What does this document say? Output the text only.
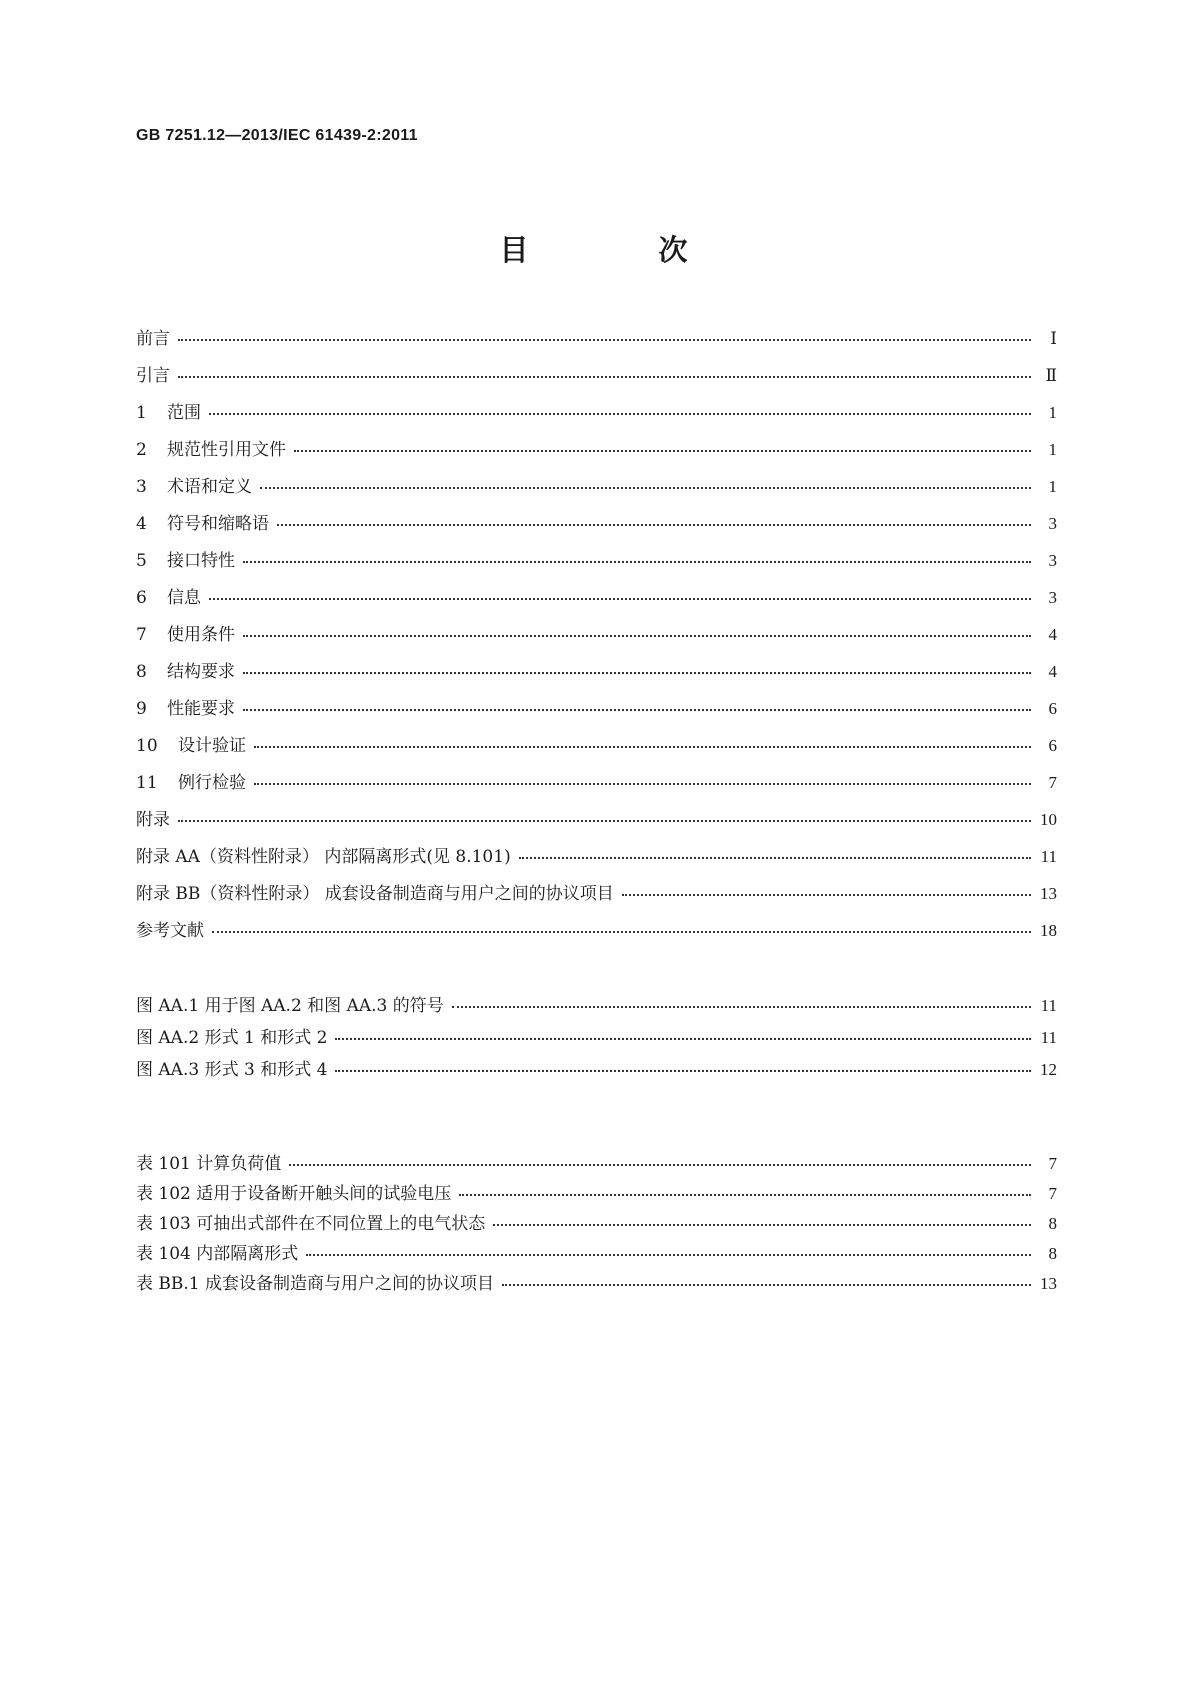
GB 7251.12—2013/IEC 61439-2:2011
目 次
前言	Ⅰ
引言	Ⅱ
1 范围	1
2 规范性引用文件	1
3 术语和定义	1
4 符号和缩略语	3
5 接口特性	3
6 信息	3
7 使用条件	4
8 结构要求	4
9 性能要求	6
10 设计验证	6
11 例行检验	7
附录	10
附录 AA（资料性附录） 内部隔离形式(见 8.101)	11
附录 BB（资料性附录） 成套设备制造商与用户之间的协议项目	13
参考文献	18
图 AA.1 用于图 AA.2 和图 AA.3 的符号	11
图 AA.2 形式 1 和形式 2	11
图 AA.3 形式 3 和形式 4	12
表 101 计算负荷值	7
表 102 适用于设备断开触头间的试验电压	7
表 103 可抽出式部件在不同位置上的电气状态	8
表 104 内部隔离形式	8
表 BB.1 成套设备制造商与用户之间的协议项目	13
